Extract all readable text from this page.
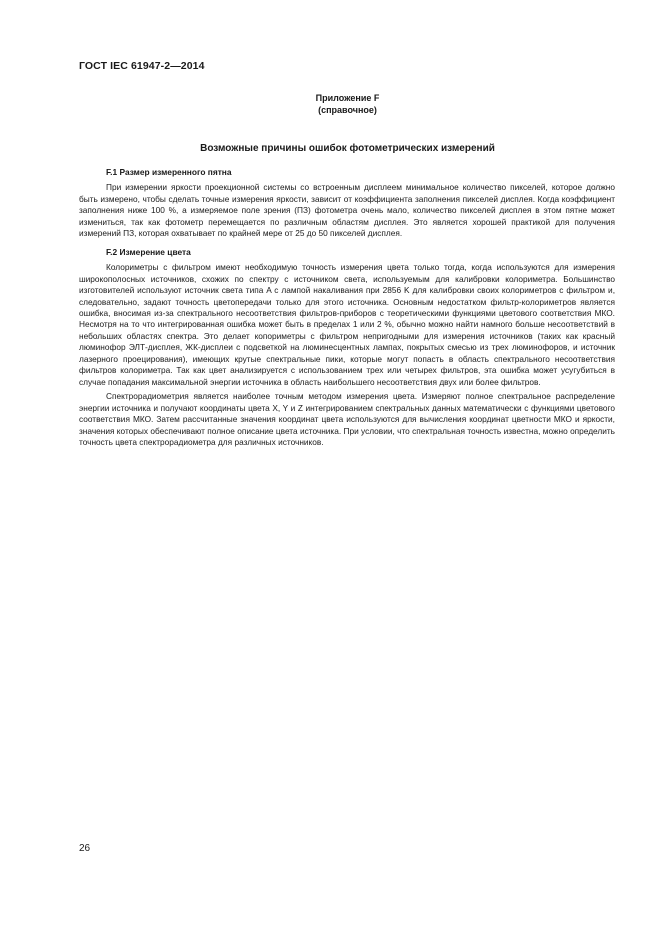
ГОСТ IEC 61947-2—2014
Приложение F
(справочное)
Возможные причины ошибок фотометрических измерений
F.1 Размер измеренного пятна

При измерении яркости проекционной системы со встроенным дисплеем минимальное количество пикселей, которое должно быть измерено, чтобы сделать точные измерения яркости, зависит от коэффициента заполнения пикселей дисплея. Когда коэффициент заполнения ниже 100 %, а измеряемое поле зрения (ПЗ) фотометра очень мало, количество пикселей дисплея в этом пятне может измениться, так как фотометр перемещается по различным областям дисплея. Это является хорошей практикой для получения измерений ПЗ, которая охватывает по крайней мере от 25 до 50 пикселей дисплея.

F.2 Измерение цвета

Колориметры с фильтром имеют необходимую точность измерения цвета только тогда, когда используются для измерения широкополосных источников, схожих по спектру с источником света, используемым для калибровки колориметра. Большинство изготовителей используют источник света типа A с лампой накаливания при 2856 K для калибровки своих колориметров с фильтром и, следовательно, задают точность цветопередачи только для этого источника. Основным недостатком фильтр-колориметров является ошибка, вносимая из-за спектрального несоответствия фильтров-приборов с теоретическими функциями цветового соответствия МКО. Несмотря на то что интегрированная ошибка может быть в пределах 1 или 2 %, обычно можно найти намного больше несоответствий в небольших областях спектра. Это делает копориметры с фильтром непригодными для измерения источников (таких как красный люминофор ЭЛТ-дисплея, ЖК-дисплеи с подсветкой на люминесцентных лампах, покрытых смесью из трех люминофоров, и источник лазерного проецирования), имеющих крутые спектральные пики, которые могут попасть в область спектрального несоответствия фильтров колориметра. Так как цвет анализируется с использованием трех или четырех фильтров, эта ошибка может усугубиться в случае попадания максимальной энергии источника в область наибольшего несоответствия двух или более фильтров.

Спектрорадиометрия является наиболее точным методом измерения цвета. Измеряют полное спектральное распределение энергии источника и получают координаты цвета X, Y и Z интегрированием спектральных данных математически с функциями цветового соответствия МКО. Затем рассчитанные значения координат цвета используются для вычисления координат цветности МКО и яркости, значения которых обеспечивают полное описание цвета источника. При условии, что спектральная точность известна, можно определить точность цвета спектрорадиометра для различных источников.

26
